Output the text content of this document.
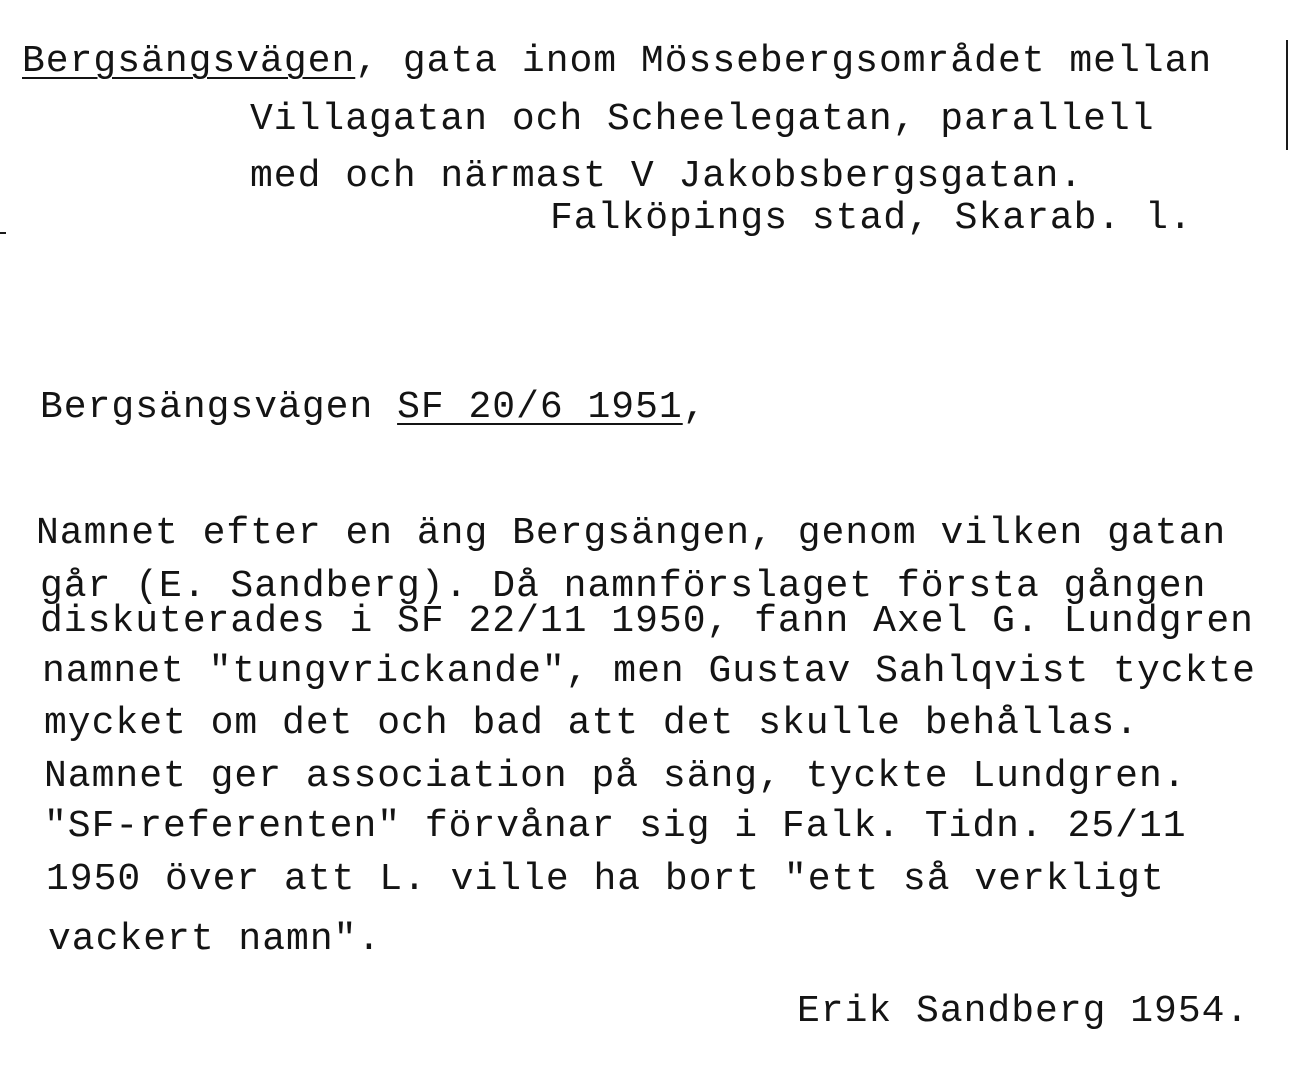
Bergsängsvägen, gata inom Mössebergsområdet mellan
Villagatan och Scheelegatan, parallell
med och närmast V Jakobsbergsgatan.
Falköpings stad, Skarab. l.
Bergsängsvägen SF 20/6 1951,
Namnet efter en äng Bergsängen, genom vilken gatan
går (E. Sandberg). Då namnförslaget första gången
diskuterades i SF 22/11 1950, fann Axel G. Lundgren
namnet "tungvrickande", men Gustav Sahlqvist tyckte
mycket om det och bad att det skulle behållas.
Namnet ger association på säng, tyckte Lundgren.
"SF-referenten" förvånar sig i Falk. Tidn. 25/11
1950 över att L. ville ha bort "ett så verkligt
vackert namn".
Erik Sandberg 1954.
